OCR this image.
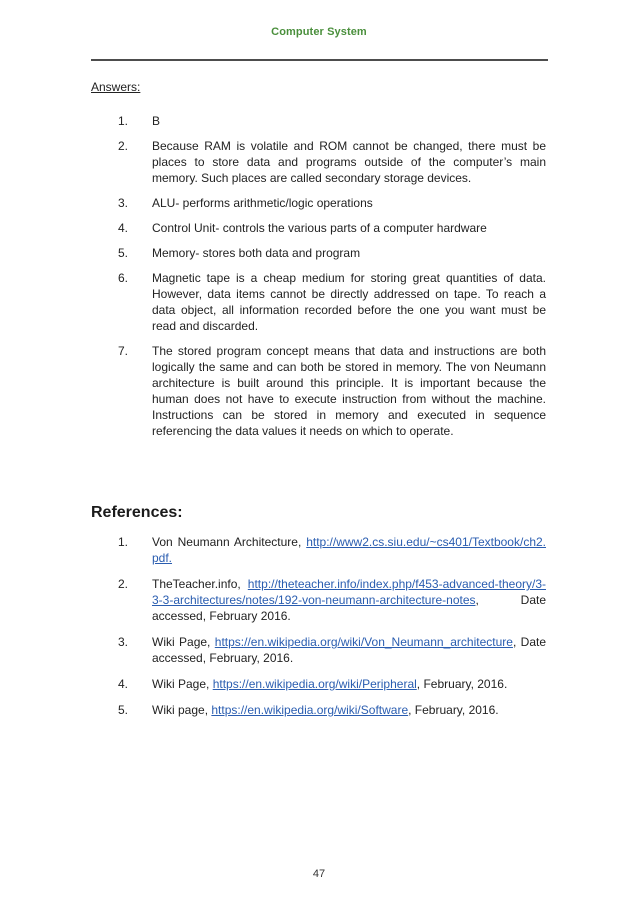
Computer System
Answers:
1. B
2. Because RAM is volatile and ROM cannot be changed, there must be places to store data and programs outside of the computer’s main memory. Such places are called secondary storage devices.
3. ALU- performs arithmetic/logic operations
4. Control Unit- controls the various parts of a computer hardware
5. Memory- stores both data and program
6. Magnetic tape is a cheap medium for storing great quantities of data. However, data items cannot be directly addressed on tape. To reach a data object, all information recorded before the one you want must be read and discarded.
7. The stored program concept means that data and instructions are both logically the same and can both be stored in memory. The von Neumann architecture is built around this principle. It is important because the human does not have to execute instruction from without the machine. Instructions can be stored in memory and executed in sequence referencing the data values it needs on which to operate.
References:
1. Von Neumann Architecture, http://www2.cs.siu.edu/~cs401/Textbook/ch2.pdf.
2. TheTeacher.info, http://theteacher.info/index.php/f453-advanced-theory/3-3-3-architectures/notes/192-von-neumann-architecture-notes, Date accessed, February 2016.
3. Wiki Page, https://en.wikipedia.org/wiki/Von_Neumann_architecture, Date accessed, February, 2016.
4. Wiki Page, https://en.wikipedia.org/wiki/Peripheral, February, 2016.
5. Wiki page, https://en.wikipedia.org/wiki/Software, February, 2016.
47
